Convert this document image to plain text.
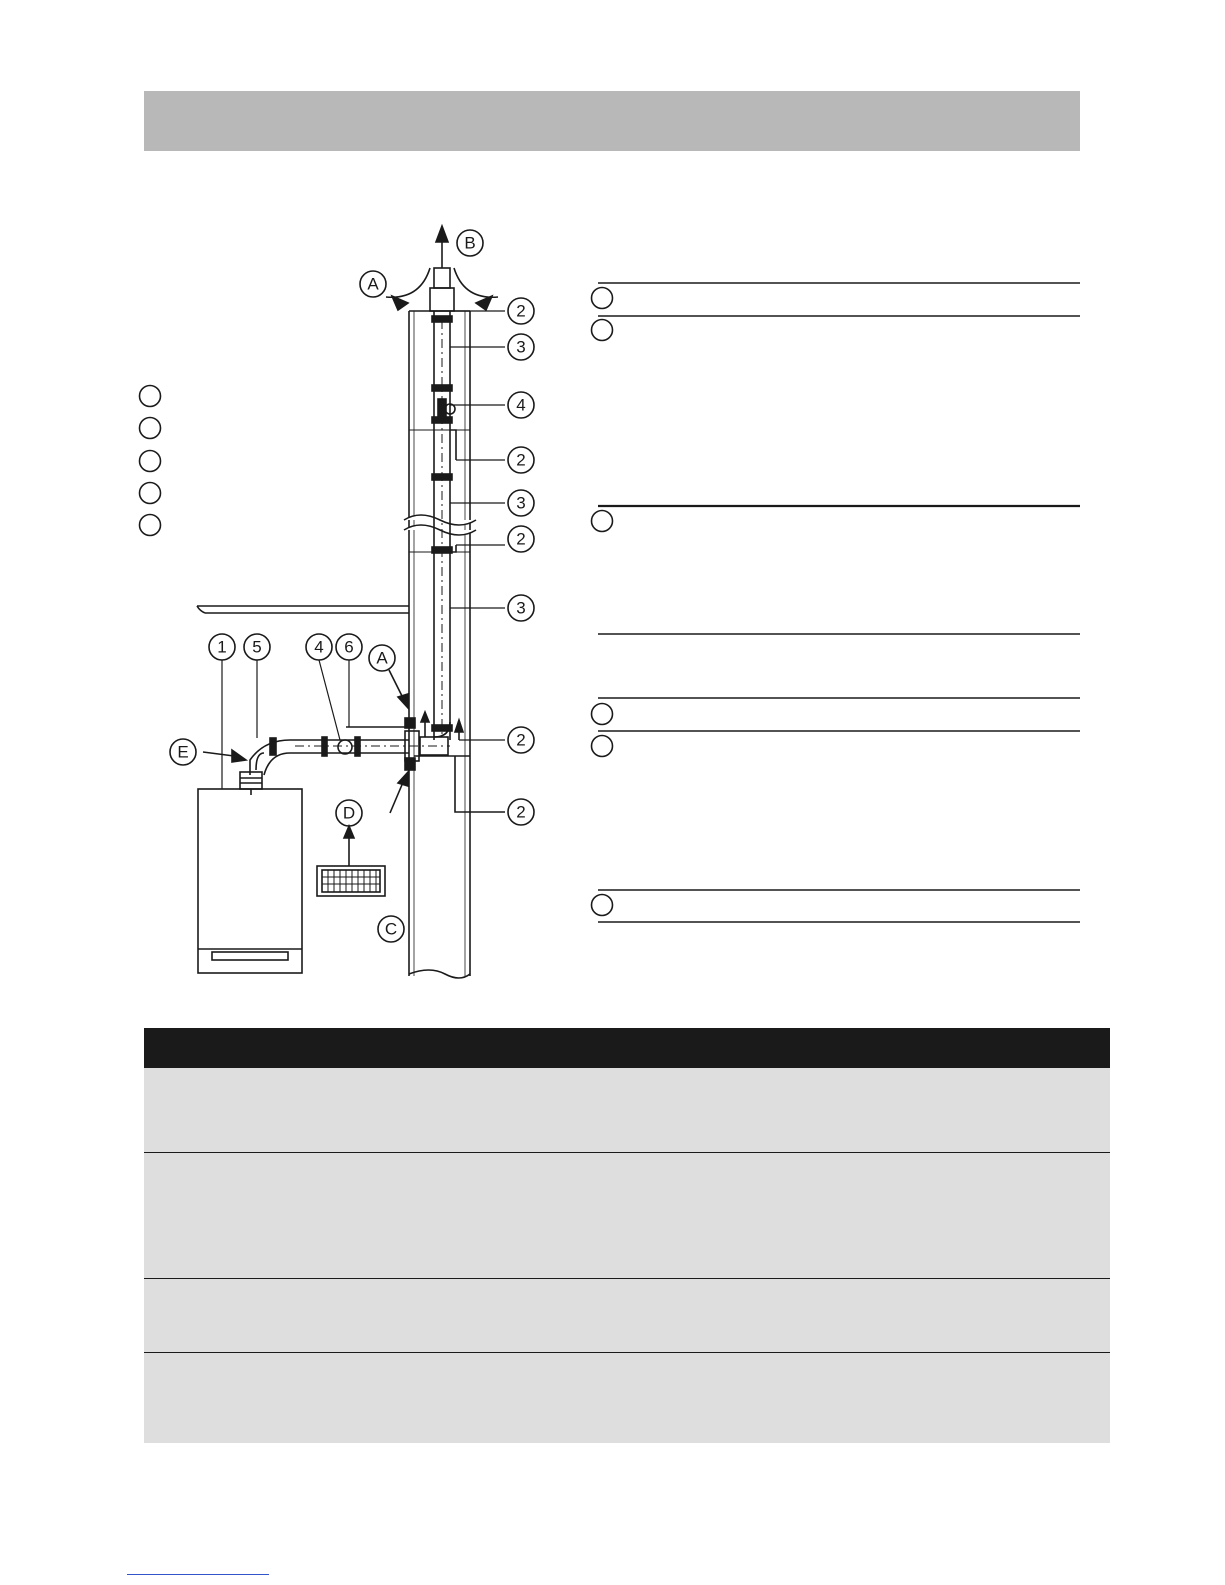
B
A
2
3
4
2
3
2
3
2
2
1 5	4 6
A
E
D
C
